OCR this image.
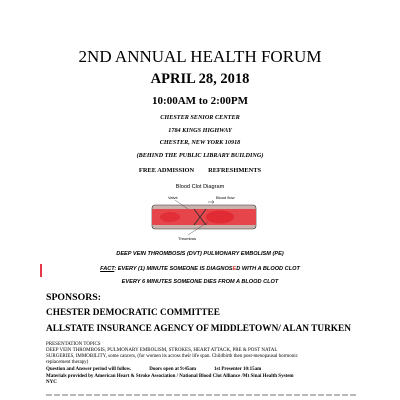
2ND ANNUAL HEALTH FORUM
APRIL 28, 2018
10:00AM to 2:00PM
CHESTER SENIOR CENTER
1784 KINGS HIGHWAY
CHESTER, NEW YORK 10918
(BEHIND THE PUBLIC LIBRARY BUILDING)
FREE ADMISSION REFRESHMENTS
Blood Clot Diagram
Valve	Blood flow
Thrombus
DEEP VEIN THROMBOSIS (DVT) PULMONARY EMBOLISM (PE)
FACT: EVERY (1) MINUTE SOMEONE IS DIAGNOSED WITH A BLOOD CLOT
EVERY 6 MINUTES SOMEONE DIES FROM A BLOOD CLOT
SPONSORS:
CHESTER DEMOCRATIC COMMITTEE
ALLSTATE INSURANCE AGENCY OF MIDDLETOWN/ ALAN TURKEN
PRESENTATION TOPICS
DEEP VEIN THROMBOSIS, PULMONARY EMBOLISM, STROKES, HEART ATTACK, PRE & POST NATAL
SURGERIES, IMMOBILITY, some cancers, (for women its across their life span. Childbirth then post-menopausal hormonic
replacement therapy)
Question and Answer period will follow.	Doors open at 9:45am	1st Presenter 10:15am
Materials provided by American Heart & Stroke Association / National Blood Clot Alliance /Mt Sinai Health System
NYC
